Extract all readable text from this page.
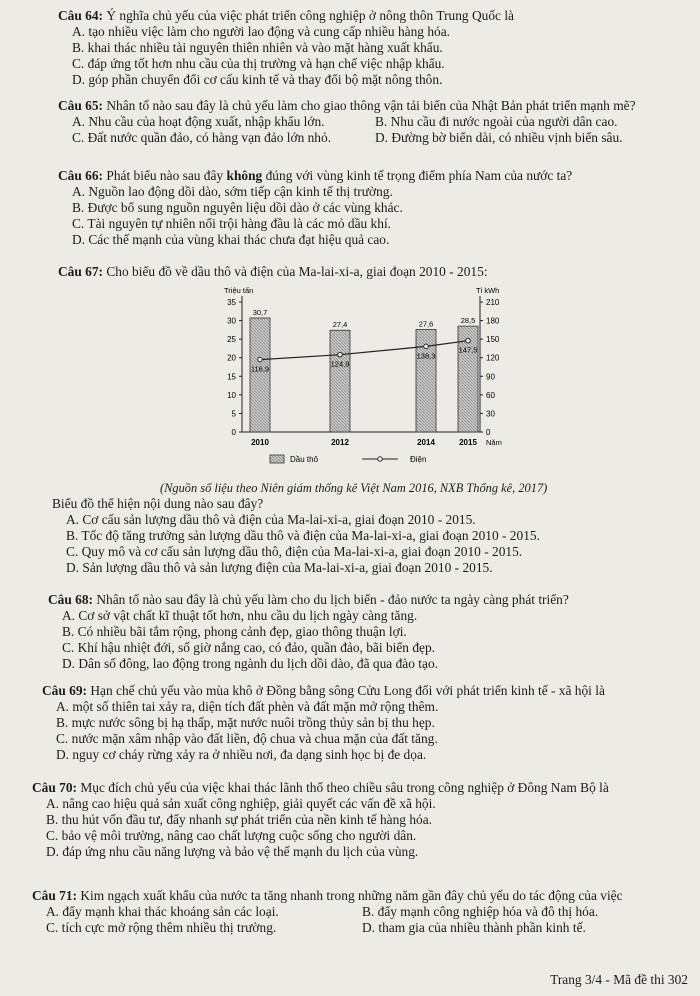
Câu 64: Ý nghĩa chủ yếu của việc phát triển công nghiệp ở nông thôn Trung Quốc là

A. tạo nhiều việc làm cho người lao động và cung cấp nhiều hàng hóa.

B. khai thác nhiều tài nguyên thiên nhiên và vào mặt hàng xuất khẩu.

C. đáp ứng tốt hơn nhu cầu của thị trường và hạn chế việc nhập khẩu.

D. góp phần chuyển đổi cơ cấu kinh tế và thay đổi bộ mặt nông thôn.

Câu 65: Nhân tố nào sau đây là chủ yếu làm cho giao thông vận tải biển của Nhật Bản phát triển mạnh mẽ?

A. Nhu cầu của hoạt động xuất, nhập khẩu lớn.	B. Nhu cầu đi nước ngoài của người dân cao.
C. Đất nước quần đảo, có hàng vạn đảo lớn nhỏ.	D. Đường bờ biển dài, có nhiều vịnh biển sâu.

Câu 66: Phát biểu nào sau đây không đúng với vùng kinh tế trọng điểm phía Nam của nước ta?

A. Nguồn lao động dồi dào, sớm tiếp cận kinh tế thị trường.

B. Được bổ sung nguồn nguyên liệu dồi dào ở các vùng khác.

C. Tài nguyên tự nhiên nổi trội hàng đầu là các mỏ dầu khí.

D. Các thế mạnh của vùng khai thác chưa đạt hiệu quả cao.

Câu 67: Cho biểu đồ về dầu thô và điện của Ma-lai-xi-a, giai đoạn 2010 - 2015:

0
5
10
15
20
25
30
35
0
30
60
90
120
150
180
210
Triệu tấn	Tỉ kWh
2010	2012	2014	2015 Năm
30,7
27,4	27,6	28,5
116,9
124,9
138,3
147,5
Dầu thô	Điện
(Nguồn số liệu theo Niên giám thống kê Việt Nam 2016, NXB Thống kê, 2017)

Biểu đồ thể hiện nội dung nào sau đây?

A. Cơ cấu sản lượng dầu thô và điện của Ma-lai-xi-a, giai đoạn 2010 - 2015.

B. Tốc độ tăng trưởng sản lượng dầu thô và điện của Ma-lai-xi-a, giai đoạn 2010 - 2015.

C. Quy mô và cơ cấu sản lượng dầu thô, điện của Ma-lai-xi-a, giai đoạn 2010 - 2015.

D. Sản lượng dầu thô và sản lượng điện của Ma-lai-xi-a, giai đoạn 2010 - 2015.

Câu 68: Nhân tố nào sau đây là chủ yếu làm cho du lịch biển - đảo nước ta ngày càng phát triển?

A. Cơ sở vật chất kĩ thuật tốt hơn, nhu cầu du lịch ngày càng tăng.

B. Có nhiều bãi tắm rộng, phong cảnh đẹp, giao thông thuận lợi.

C. Khí hậu nhiệt đới, số giờ nắng cao, có đảo, quần đảo, bãi biển đẹp.

D. Dân số đông, lao động trong ngành du lịch dồi dào, đã qua đào tạo.

Câu 69: Hạn chế chủ yếu vào mùa khô ở Đồng bằng sông Cửu Long đối với phát triển kinh tế - xã hội là

A. một số thiên tai xảy ra, diện tích đất phèn và đất mặn mở rộng thêm.

B. mực nước sông bị hạ thấp, mặt nước nuôi trồng thủy sản bị thu hẹp.

C. nước mặn xâm nhập vào đất liền, độ chua và chua mặn của đất tăng.

D. nguy cơ cháy rừng xảy ra ở nhiều nơi, đa dạng sinh học bị đe dọa.

Câu 70: Mục đích chủ yếu của việc khai thác lãnh thổ theo chiều sâu trong công nghiệp ở Đông Nam Bộ là

A. nâng cao hiệu quả sản xuất công nghiệp, giải quyết các vấn đề xã hội.

B. thu hút vốn đầu tư, đẩy nhanh sự phát triển của nền kinh tế hàng hóa.

C. bảo vệ môi trường, nâng cao chất lượng cuộc sống cho người dân.

D. đáp ứng nhu cầu năng lượng và bảo vệ thế mạnh du lịch của vùng.

Câu 71: Kim ngạch xuất khẩu của nước ta tăng nhanh trong những năm gần đây chủ yếu do tác động của việc

A. đẩy mạnh khai thác khoáng sản các loại.	B. đẩy mạnh công nghiệp hóa và đô thị hóa.
C. tích cực mở rộng thêm nhiều thị trường.	D. tham gia của nhiều thành phần kinh tế.
Trang 3/4 - Mã đề thi 302
